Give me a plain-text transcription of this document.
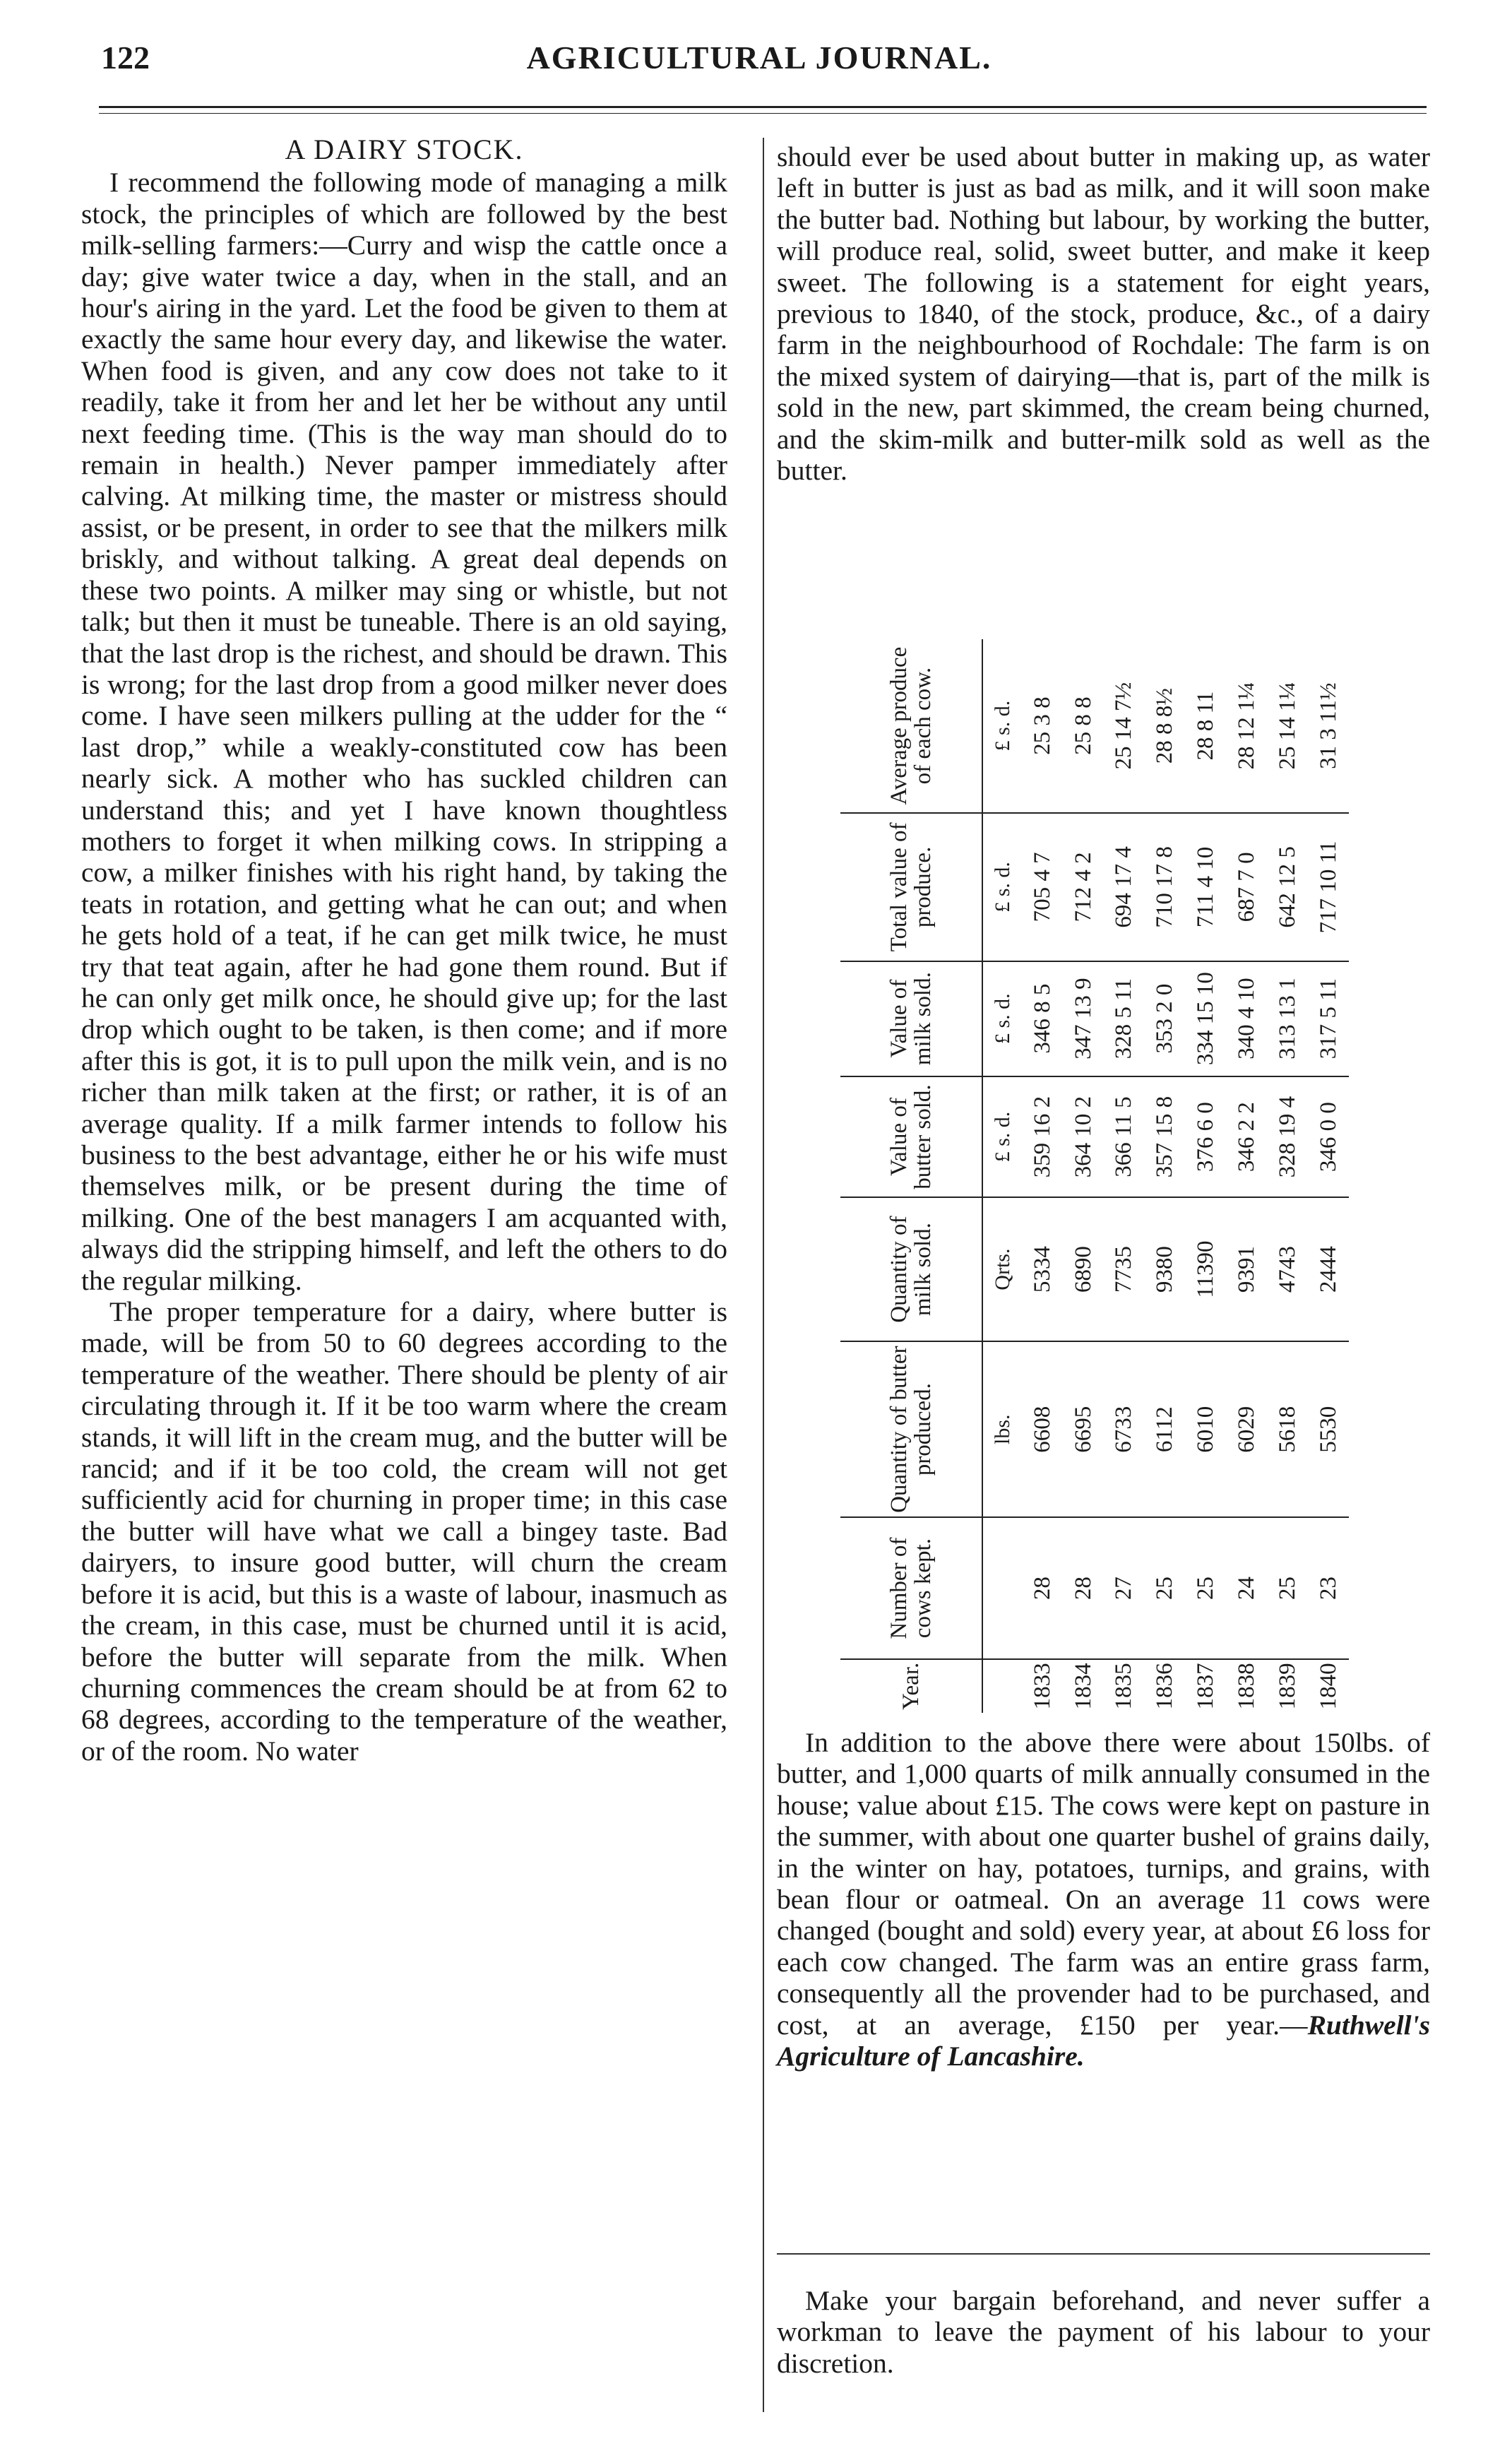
122	AGRICULTURAL JOURNAL.
A DAIRY STOCK.

I recommend the following mode of managing a milk stock, the principles of which are followed by the best milk-selling farmers:—Curry and wisp the cattle once a day; give water twice a day, when in the stall, and an hour's airing in the yard. Let the food be given to them at exactly the same hour every day, and likewise the water. When food is given, and any cow does not take to it readily, take it from her and let her be without any until next feeding time. (This is the way man should do to remain in health.) Never pamper immediately after calving. At milking time, the master or mistress should assist, or be present, in order to see that the milkers milk briskly, and without talking. A great deal depends on these two points. A milker may sing or whistle, but not talk; but then it must be tuneable. There is an old saying, that the last drop is the richest, and should be drawn. This is wrong; for the last drop from a good milker never does come. I have seen milkers pulling at the udder for the “ last drop,” while a weakly-constituted cow has been nearly sick. A mother who has suckled children can understand this; and yet I have known thoughtless mothers to forget it when milking cows. In stripping a cow, a milker finishes with his right hand, by taking the teats in rotation, and getting what he can out; and when he gets hold of a teat, if he can get milk twice, he must try that teat again, after he had gone them round. But if he can only get milk once, he should give up; for the last drop which ought to be taken, is then come; and if more after this is got, it is to pull upon the milk vein, and is no richer than milk taken at the first; or rather, it is of an average quality. If a milk farmer intends to follow his business to the best advantage, either he or his wife must themselves milk, or be present during the time of milking. One of the best managers I am acquanted with, always did the stripping himself, and left the others to do the regular milking.

The proper temperature for a dairy, where butter is made, will be from 50 to 60 degrees according to the temperature of the weather. There should be plenty of air circulating through it. If it be too warm where the cream stands, it will lift in the cream mug, and the butter will be rancid; and if it be too cold, the cream will not get sufficiently acid for churning in proper time; in this case the butter will have what we call a bingey taste. Bad dairyers, to insure good butter, will churn the cream before it is acid, but this is a waste of labour, inasmuch as the cream, in this case, must be churned until it is acid, before the butter will separate from the milk. When churning commences the cream should be at from 62 to 68 degrees, according to the temperature of the weather, or of the room. No water

should ever be used about butter in making up, as water left in butter is just as bad as milk, and it will soon make the butter bad. Nothing but labour, by working the butter, will produce real, solid, sweet butter, and make it keep sweet. The following is a statement for eight years, previous to 1840, of the stock, produce, &c., of a dairy farm in the neighbourhood of Rochdale: The farm is on the mixed system of dairying—that is, part of the milk is sold in the new, part skimmed, the cream being churned, and the skim-milk and butter-milk sold as well as the butter.

Year.	Number of cows kept.	Quantity of butter produced.	Quantity of milk sold.	Value of butter sold.	Value of milk sold.	Total value of produce.	Average produce of each cow.
		lbs.	Qrts.	£ s. d.	£ s. d.	£ s. d.	£ s. d.
1833	28	6608	5334	359 16 2	346 8 5	705 4 7	25 3 8
1834	28	6695	6890	364 10 2	347 13 9	712 4 2	25 8 8
1835	27	6733	7735	366 11 5	328 5 11	694 17 4	25 14 7½
1836	25	6112	9380	357 15 8	353 2 0	710 17 8	28 8 8½
1837	25	6010	11390	376 6 0	334 15 10	711 4 10	28 8 11
1838	24	6029	9391	346 2 2	340 4 10	687 7 0	28 12 1¼
1839	25	5618	4743	328 19 4	313 13 1	642 12 5	25 14 1¼
1840	23	5530	2444	346 0 0	317 5 11	717 10 11	31 3 11½

In addition to the above there were about 150lbs. of butter, and 1,000 quarts of milk annually consumed in the house; value about £15. The cows were kept on pasture in the summer, with about one quarter bushel of grains daily, in the winter on hay, potatoes, turnips, and grains, with bean flour or oatmeal. On an average 11 cows were changed (bought and sold) every year, at about £6 loss for each cow changed. The farm was an entire grass farm, consequently all the provender had to be purchased, and cost, at an average, £150 per year.—Ruthwell's Agriculture of Lancashire.

Make your bargain beforehand, and never suffer a workman to leave the payment of his labour to your discretion.
